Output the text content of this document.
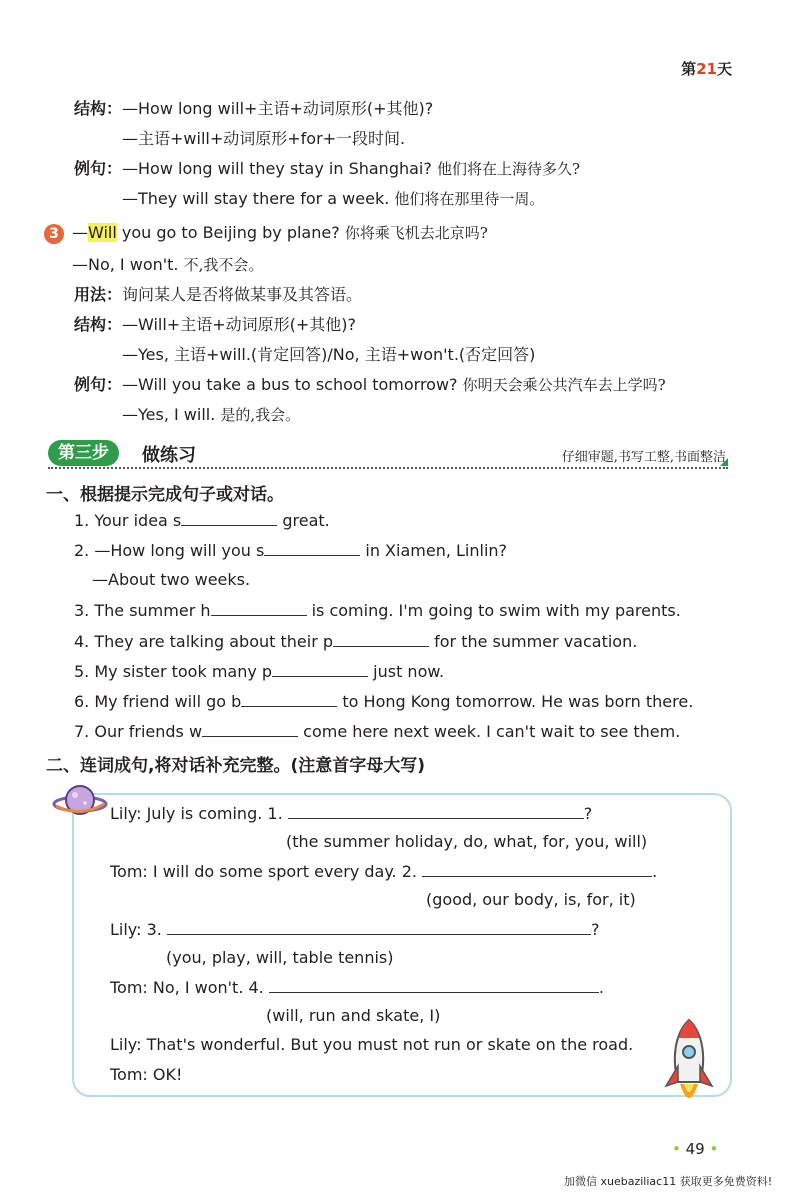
第21天
结构： —How long will+主语+动词原形(+其他)?
—主语+will+动词原形+for+一段时间.
例句： —How long will they stay in Shanghai? 他们将在上海待多久?
—They will stay there for a week. 他们将在那里待一周。
3 —Will you go to Beijing by plane? 你将乘飞机去北京吗?
—No, I won't. 不,我不会。
用法： 询问某人是否将做某事及其答语。
结构： —Will+主语+动词原形(+其他)?
—Yes, 主语+will.(肯定回答)/No, 主语+won't.(否定回答)
例句： —Will you take a bus to school tomorrow? 你明天会乘公共汽车去上学吗?
—Yes, I will. 是的,我会。
第三步	做练习	仔细审题,书写工整,书面整洁
一、根据提示完成句子或对话。
1. Your idea s	great.
2. —How long will you s	in Xiamen, Linlin?
—About two weeks.
3. The summer h	is coming. I'm going to swim with my parents.
4. They are talking about their p	for the summer vacation.
5. My sister took many p	just now.
6. My friend will go b	to Hong Kong tomorrow. He was born there.
7. Our friends w	come here next week. I can't wait to see them.
二、连词成句,将对话补充完整。(注意首字母大写)
Lily: July is coming. 1.	?
(the summer holiday, do, what, for, you, will)
Tom: I will do some sport every day. 2.	.
(good, our body, is, for, it)
Lily: 3.	?
(you, play, will, table tennis)
Tom: No, I won't. 4.	.
(will, run and skate, I)
Lily: That's wonderful. But you must not run or skate on the road.
Tom: OK!
• 49 •
加微信 xuebaziliac11 获取更多免费资料!
